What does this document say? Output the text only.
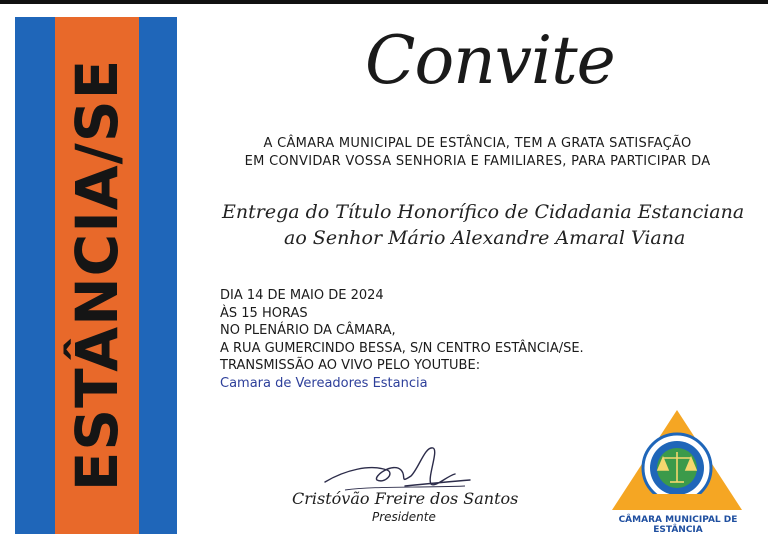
ESTÂNCIA/SE	Convite
A CÂMARA MUNICIPAL DE ESTÂNCIA, TEM A GRATA SATISFAÇÃO
EM CONVIDAR VOSSA SENHORIA E FAMILIARES, PARA PARTICIPAR DA
Entrega do Título Honorífico de Cidadania Estanciana
ao Senhor Mário Alexandre Amaral Viana
DIA 14 DE MAIO DE 2024
ÀS 15 HORAS
NO PLENÁRIO DA CÂMARA,
A RUA GUMERCINDO BESSA, S/N CENTRO ESTÂNCIA/SE.
TRANSMISSÃO AO VIVO PELO YOUTUBE:
Camara de Vereadores Estancia
Cristóvão Freire dos Santos
Presidente	CÂMARA MUNICIPAL DE ESTÂNCIA
